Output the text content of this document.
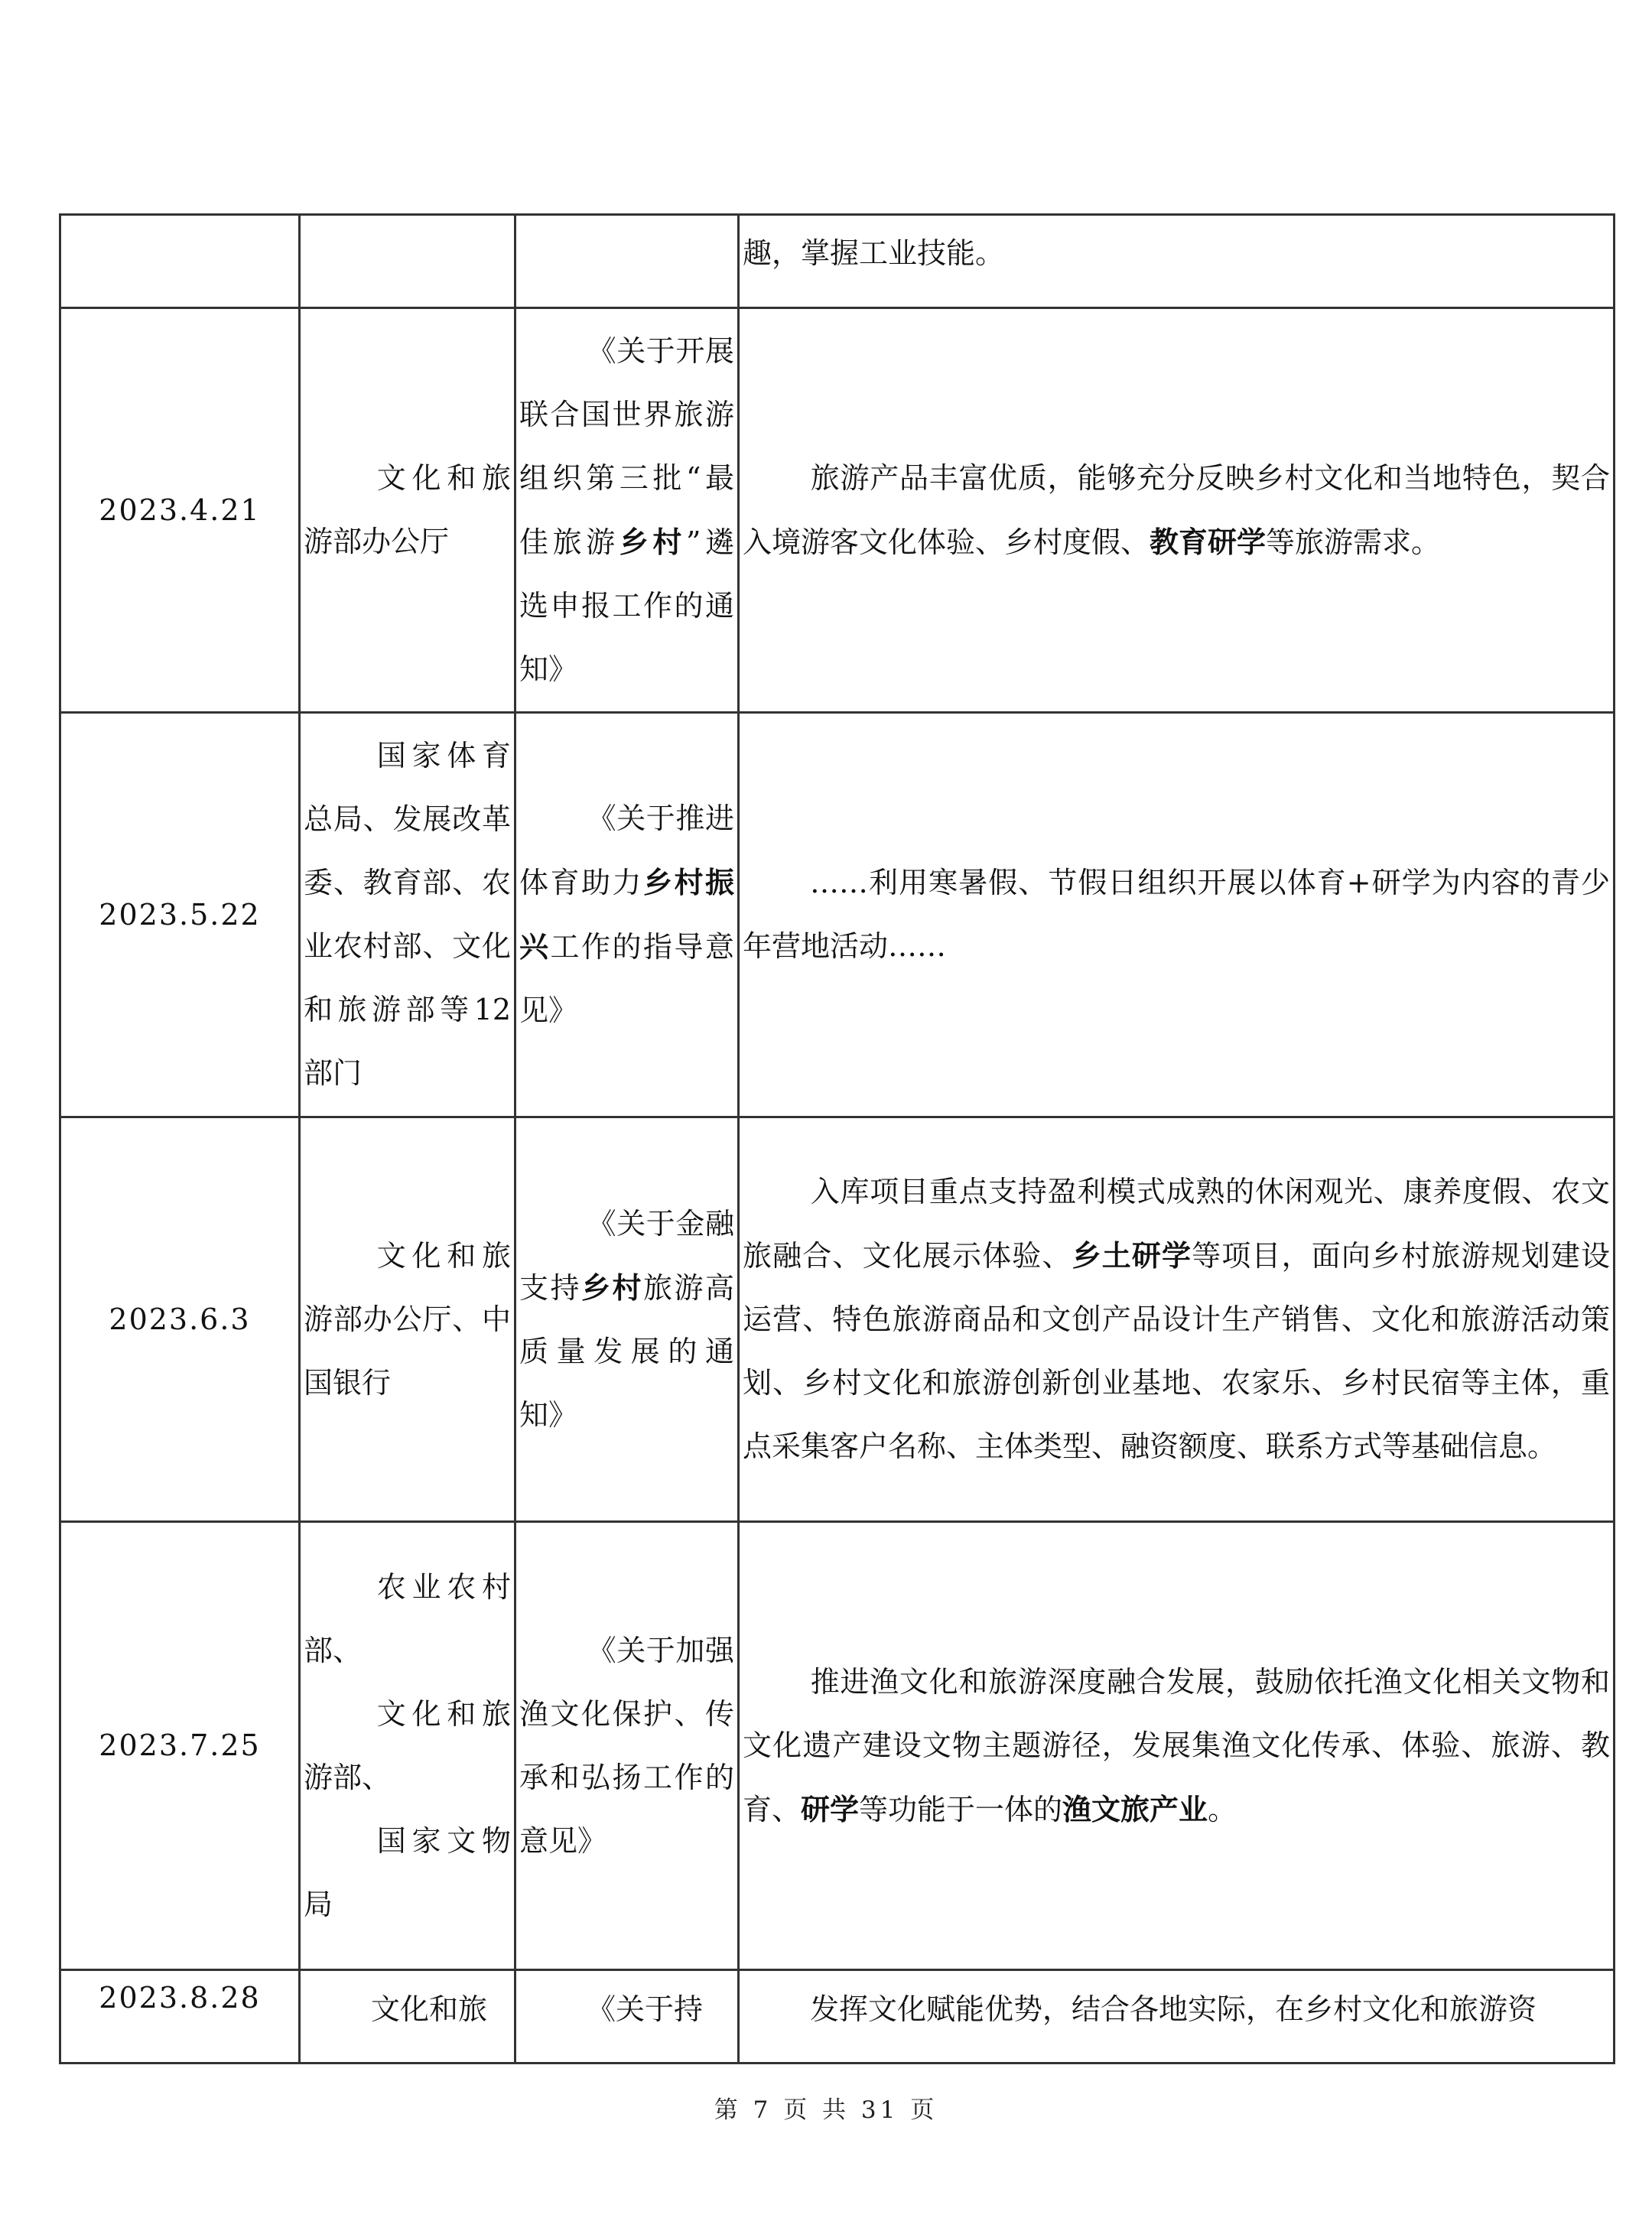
			趣，掌握工业技能。

2023.4.21	文化和旅游部办公厅	《关于开展联合国世界旅游组织第三批“最佳旅游乡村”遴选申报工作的通知》	旅游产品丰富优质，能够充分反映乡村文化和当地特色，契合入境游客文化体验、乡村度假、教育研学等旅游需求。
2023.5.22	国家体育总局、发展改革委、教育部、农业农村部、文化和旅游部等12部门	《关于推进体育助力乡村振兴工作的指导意见》	……利用寒暑假、节假日组织开展以体育+研学为内容的青少年营地活动……
2023.6.3	文化和旅游部办公厅、中国银行	《关于金融支持乡村旅游高质量发展的通知》	入库项目重点支持盈利模式成熟的休闲观光、康养度假、农文旅融合、文化展示体验、乡土研学等项目，面向乡村旅游规划建设运营、特色旅游商品和文创产品设计生产销售、文化和旅游活动策划、乡村文化和旅游创新创业基地、农家乐、乡村民宿等主体，重点采集客户名称、主体类型、融资额度、联系方式等基础信息。
2023.7.25	农业农村部、
文化和旅游部、
国家文物局	《关于加强渔文化保护、传承和弘扬工作的意见》	推进渔文化和旅游深度融合发展，鼓励依托渔文化相关文物和文化遗产建设文物主题游径，发展集渔文化传承、体验、旅游、教育、研学等功能于一体的渔文旅产业。
2023.8.28	文化和旅	《关于持	发挥文化赋能优势，结合各地实际，在乡村文化和旅游资
第 7 页 共 31 页
